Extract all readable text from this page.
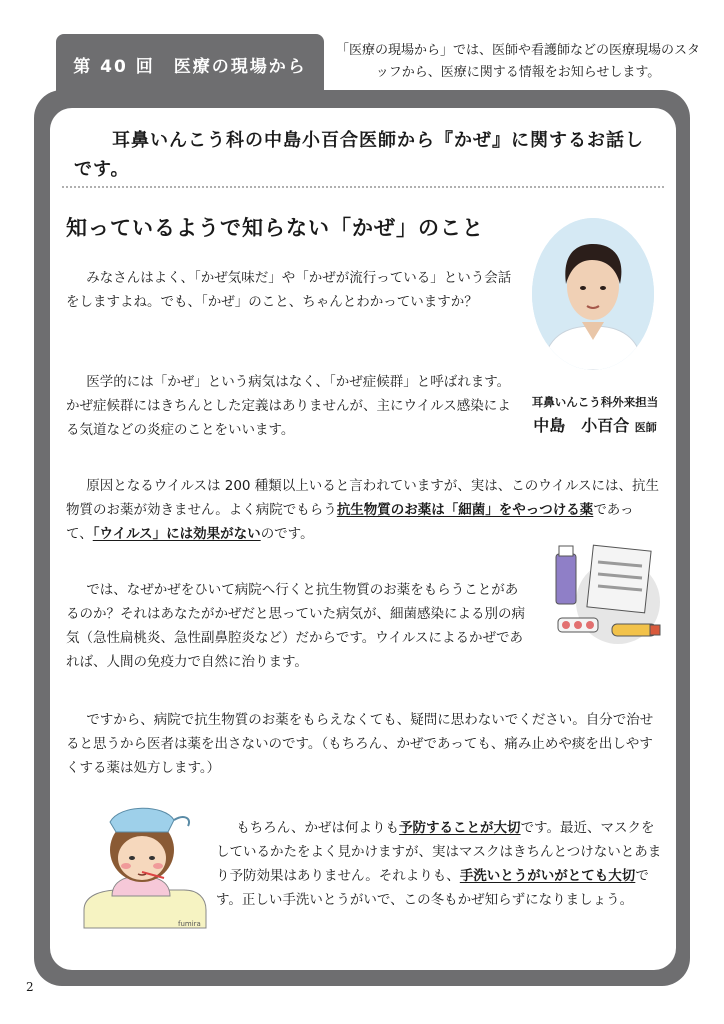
第 40 回　医療の現場から
「医療の現場から」では、医師や看護師などの医療現場のスタッフから、医療に関する情報をお知らせします。
耳鼻いんこう科の中島小百合医師から『かぜ』に関するお話しです。
知っているようで知らない「かぜ」のこと
耳鼻いんこう科外来担当
中島　小百合 医師
みなさんはよく、「かぜ気味だ」や「かぜが流行っている」という会話をしますよね。でも、「かぜ」のこと、ちゃんとわかっていますか？
医学的には「かぜ」という病気はなく、「かぜ症候群」と呼ばれます。かぜ症候群にはきちんとした定義はありませんが、主にウイルス感染による気道などの炎症のことをいいます。
原因となるウイルスは 200 種類以上いると言われていますが、実は、このウイルスには、抗生物質のお薬が効きません。よく病院でもらう抗生物質のお薬は「細菌」をやっつける薬であって、「ウイルス」には効果がないのです。
では、なぜかぜをひいて病院へ行くと抗生物質のお薬をもらうことがあるのか？それはあなたがかぜだと思っていた病気が、細菌感染による別の病気（急性扁桃炎、急性副鼻腔炎など）だからです。ウイルスによるかぜであれば、人間の免疫力で自然に治ります。
ですから、病院で抗生物質のお薬をもらえなくても、疑問に思わないでください。自分で治せると思うから医者は薬を出さないのです。（もちろん、かぜであっても、痛み止めや痰を出しやすくする薬は処方します。）
fumira
もちろん、かぜは何よりも予防することが大切です。最近、マスクをしているかたをよく見かけますが、実はマスクはきちんとつけないとあまり予防効果はありません。それよりも、手洗いとうがいがとても大切です。正しい手洗いとうがいで、この冬もかぜ知らずになりましょう。
2
